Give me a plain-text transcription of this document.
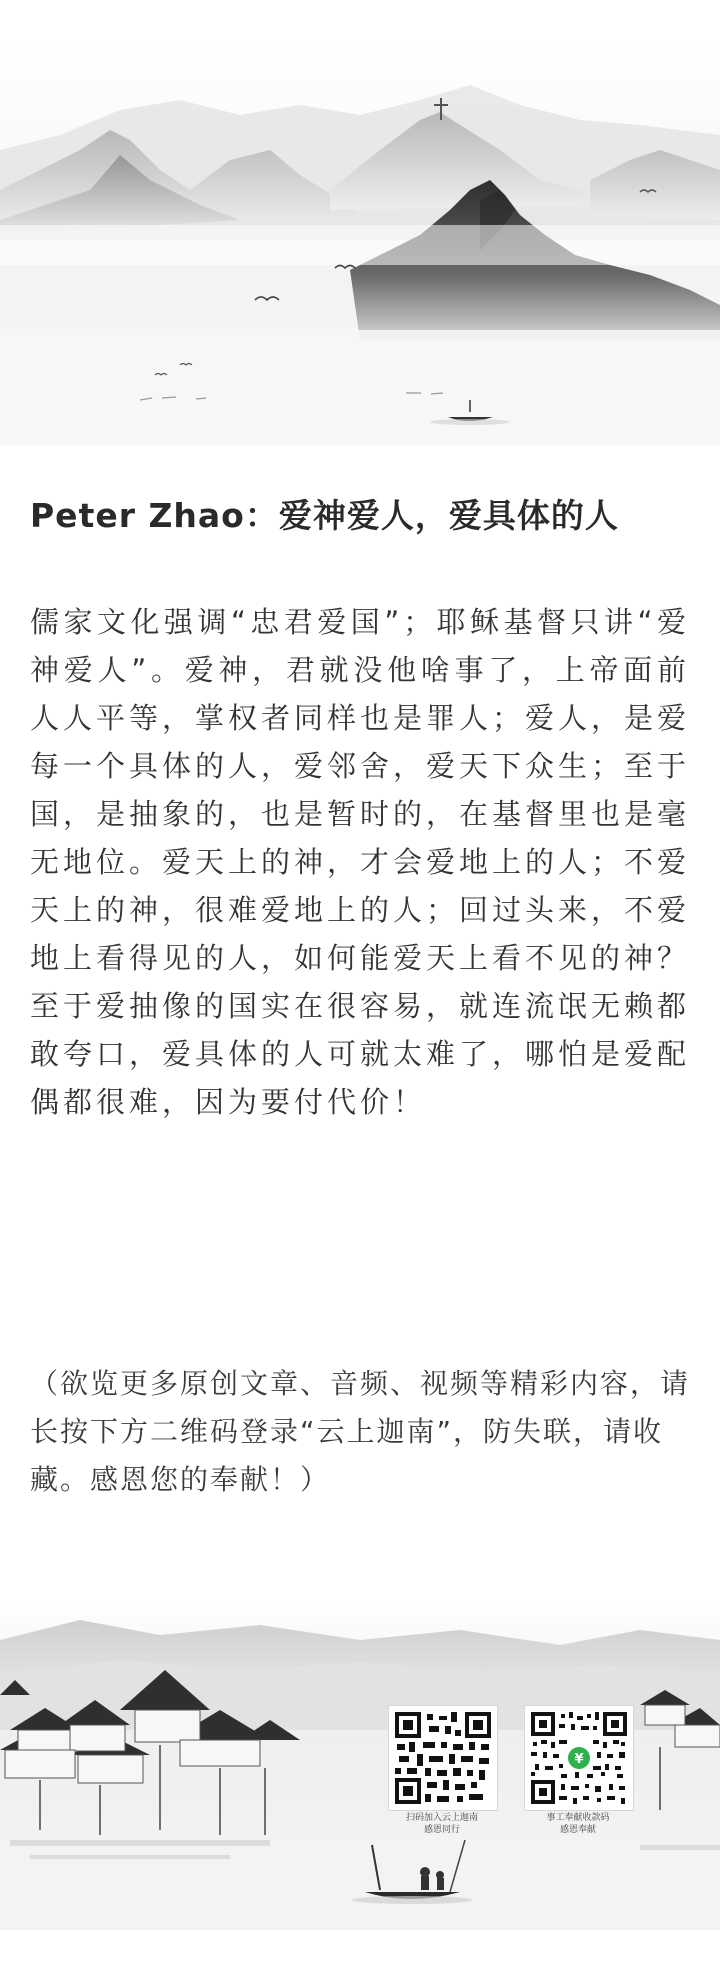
Peter Zhao：爱神爱人，爱具体的人

儒家文化强调“忠君爱国”；耶稣基督只讲“爱神爱人”。爱神，君就没他啥事了，上帝面前人人平等，掌权者同样也是罪人；爱人，是爱每一个具体的人，爱邻舍，爱天下众生；至于国，是抽象的，也是暂时的，在基督里也是毫无地位。爱天上的神，才会爱地上的人；不爱天上的神，很难爱地上的人；回过头来，不爱地上看得见的人，如何能爱天上看不见的神？至于爱抽像的国实在很容易，就连流氓无赖都敢夸口，爱具体的人可就太难了，哪怕是爱配偶都很难，因为要付代价！

（欲览更多原创文章、音频、视频等精彩内容，请长按下方二维码登录“云上迦南”，防失联，请收藏。感恩您的奉献！）

扫码加入云上迦南
感恩同行
¥
事工奉献收款码
感恩奉献
